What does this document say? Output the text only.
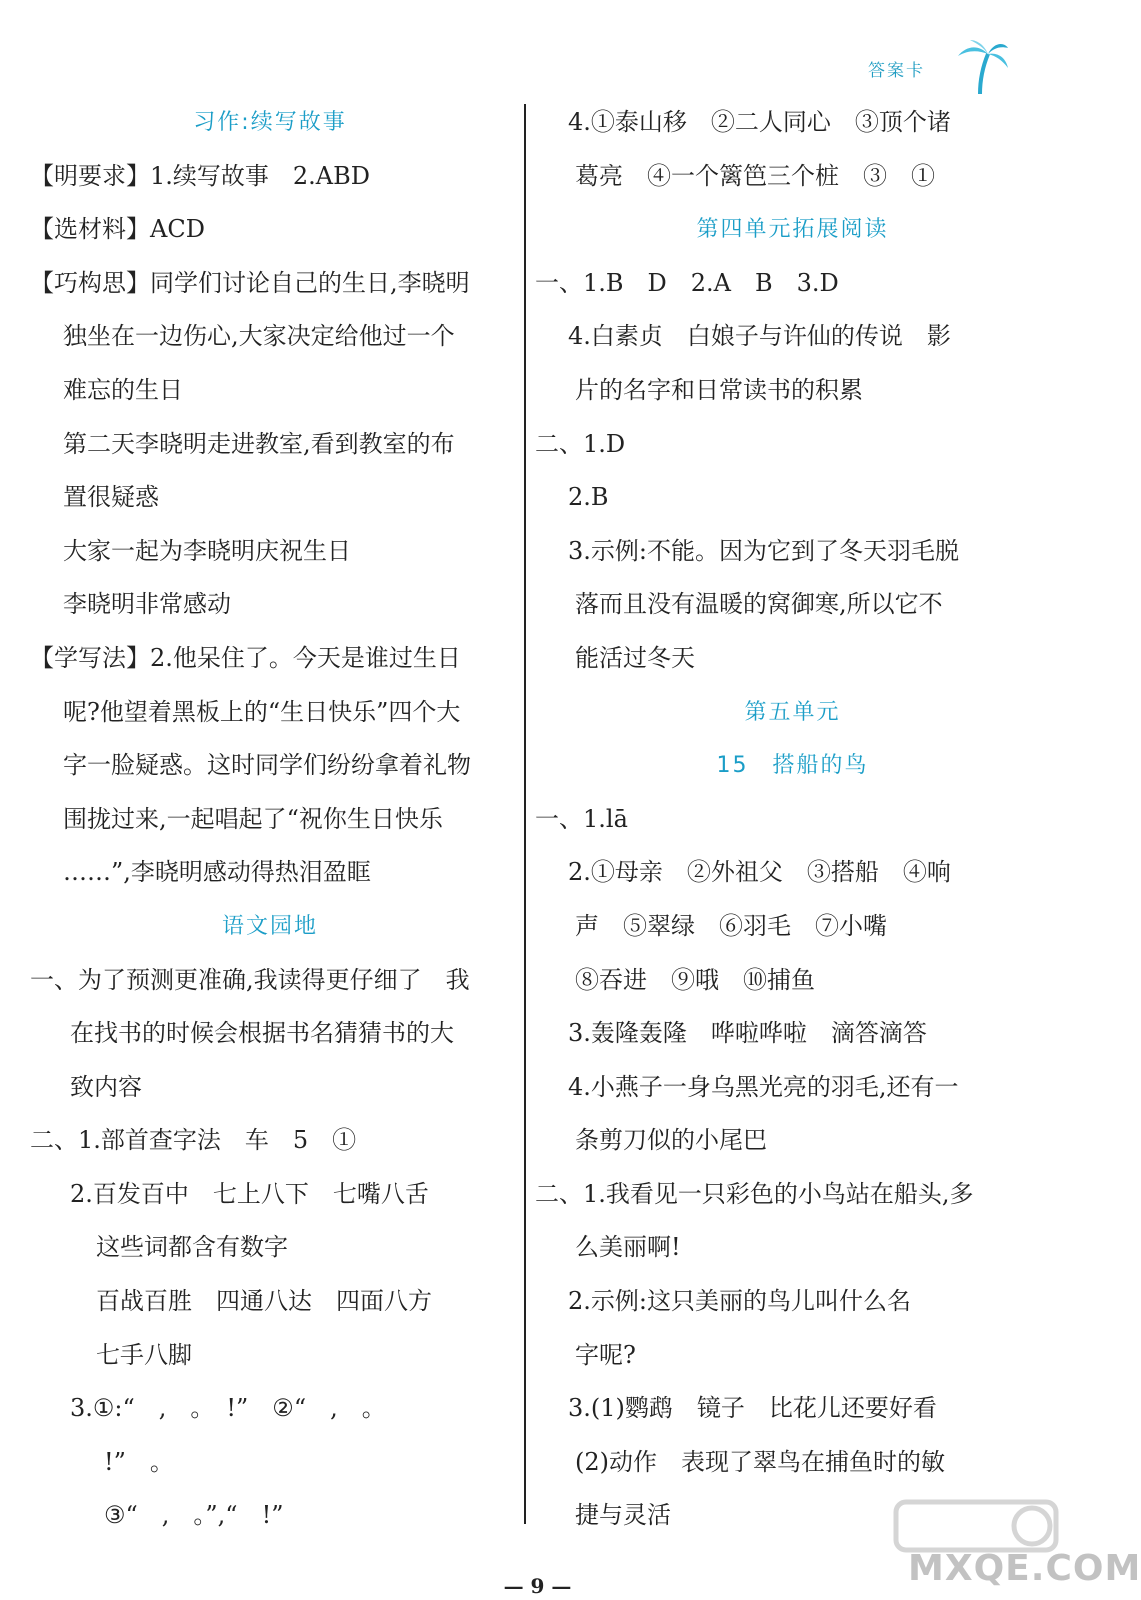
答案卡
习作:续写故事
【明要求】1.续写故事　2.ABD
【选材料】ACD
【巧构思】同学们讨论自己的生日,李晓明
独坐在一边伤心,大家决定给他过一个
难忘的生日
第二天李晓明走进教室,看到教室的布
置很疑惑
大家一起为李晓明庆祝生日
李晓明非常感动
【学写法】2.他呆住了。今天是谁过生日
呢?他望着黑板上的“生日快乐”四个大
字一脸疑惑。这时同学们纷纷拿着礼物
围拢过来,一起唱起了“祝你生日快乐
……”,李晓明感动得热泪盈眶
语文园地
一、为了预测更准确,我读得更仔细了　我
在找书的时候会根据书名猜猜书的大
致内容
二、1.部首查字法　车　5　①
2.百发百中　七上八下　七嘴八舌
这些词都含有数字
百战百胜　四通八达　四面八方
七手八脚
3.①:“　,　。　!”　②“　,　。
!”　。
③“　,　。”,“　!”
4.①泰山移　②二人同心　③顶个诸
葛亮　④一个篱笆三个桩　③　①
第四单元拓展阅读
一、1.B　D　2.A　B　3.D
4.白素贞　白娘子与许仙的传说　影
片的名字和日常读书的积累
二、1.D
2.B
3.示例:不能。因为它到了冬天羽毛脱
落而且没有温暖的窝御寒,所以它不
能活过冬天
第五单元
15　搭船的鸟
一、1.lā
2.①母亲　②外祖父　③搭船　④响
声　⑤翠绿　⑥羽毛　⑦小嘴
⑧吞进　⑨哦　⑩捕鱼
3.轰隆轰隆　哗啦哗啦　滴答滴答
4.小燕子一身乌黑光亮的羽毛,还有一
条剪刀似的小尾巴
二、1.我看见一只彩色的小鸟站在船头,多
么美丽啊!
2.示例:这只美丽的鸟儿叫什么名
字呢?
3.(1)鹦鹉　镜子　比花儿还要好看
(2)动作　表现了翠鸟在捕鱼时的敏
捷与灵活
— 9 —	MXQE.COM
